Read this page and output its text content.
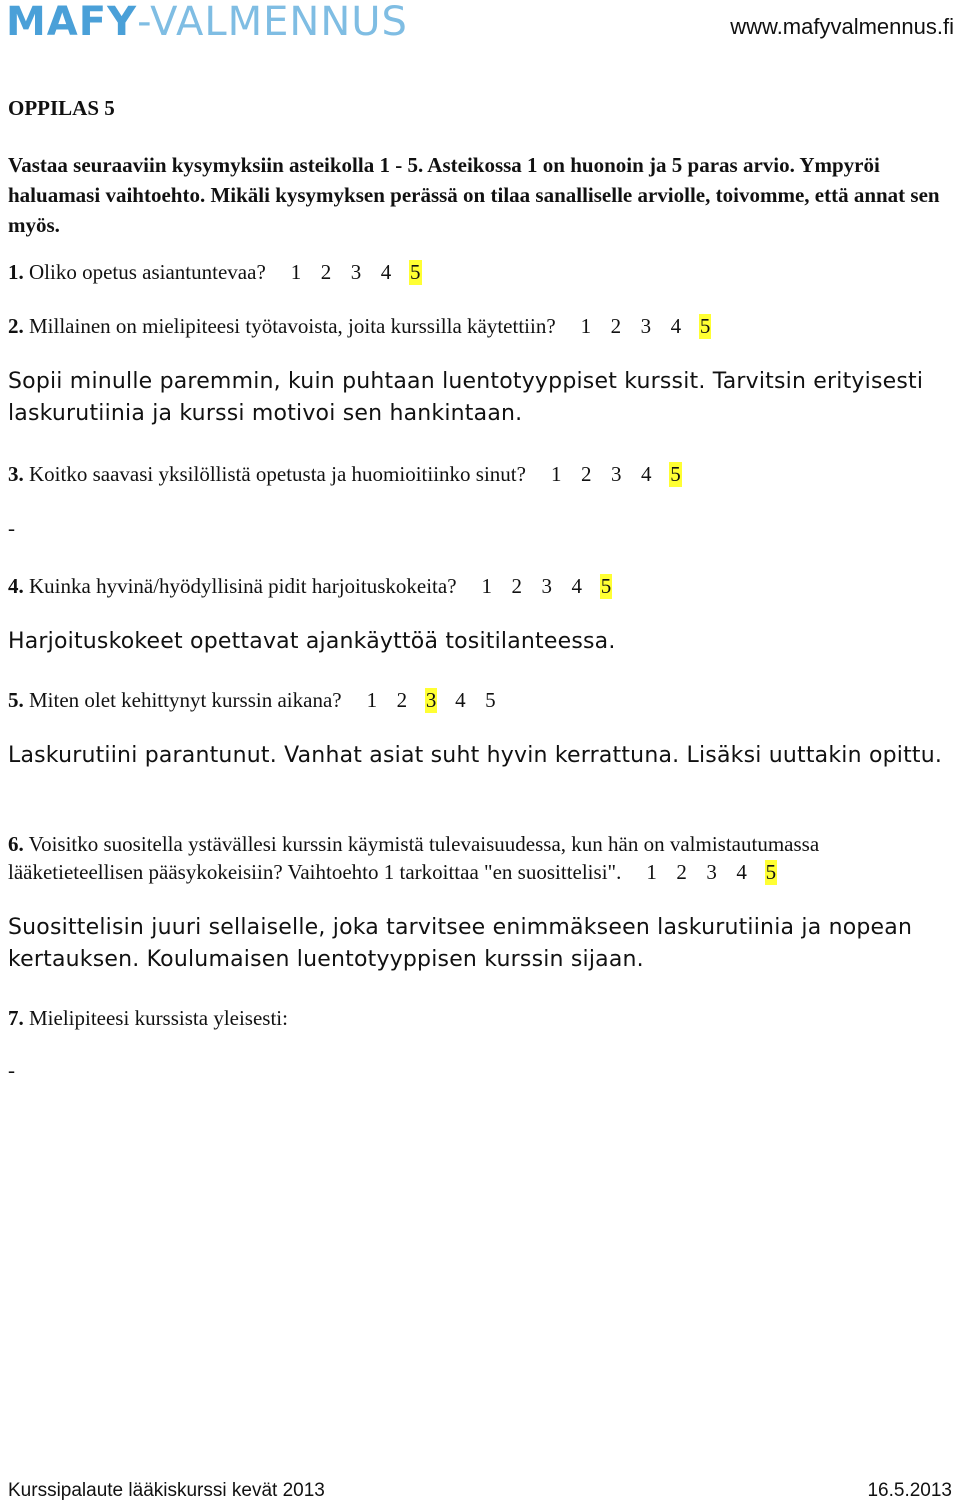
MAFY-VALMENNUS	www.mafyvalmennus.fi
OPPILAS 5
Vastaa seuraaviin kysymyksiin asteikolla 1 - 5. Asteikossa 1 on huonoin ja 5 paras arvio. Ympyröi haluamasi vaihtoehto. Mikäli kysymyksen perässä on tilaa sanalliselle arviolle, toivomme, että annat sen myös.
1. Oliko opetus asiantuntevaa? 1 2 3 4 5
2. Millainen on mielipiteesi työtavoista, joita kurssilla käytettiin? 1 2 3 4 5
Sopii minulle paremmin, kuin puhtaan luentotyyppiset kurssit. Tarvitsin erityisesti laskurutiinia ja kurssi motivoi sen hankintaan.
3. Koitko saavasi yksilöllistä opetusta ja huomioitiinko sinut? 1 2 3 4 5
-
4. Kuinka hyvinä/hyödyllisinä pidit harjoituskokeita? 1 2 3 4 5
Harjoituskokeet opettavat ajankäyttöä tositilanteessa.
5. Miten olet kehittynyt kurssin aikana? 1 2 3 4 5
Laskurutiini parantunut. Vanhat asiat suht hyvin kerrattuna. Lisäksi uuttakin opittu.
6. Voisitko suositella ystävällesi kurssin käymistä tulevaisuudessa, kun hän on valmistautumassa
lääketieteellisen pääsykokeisiin? Vaihtoehto 1 tarkoittaa "en suosittelisi". 1 2 3 4 5
Suosittelisin juuri sellaiselle, joka tarvitsee enimmäkseen laskurutiinia ja nopean kertauksen. Koulumaisen luentotyyppisen kurssin sijaan.
7. Mielipiteesi kurssista yleisesti:
-
Kurssipalaute lääkiskurssi kevät 2013	16.5.2013
